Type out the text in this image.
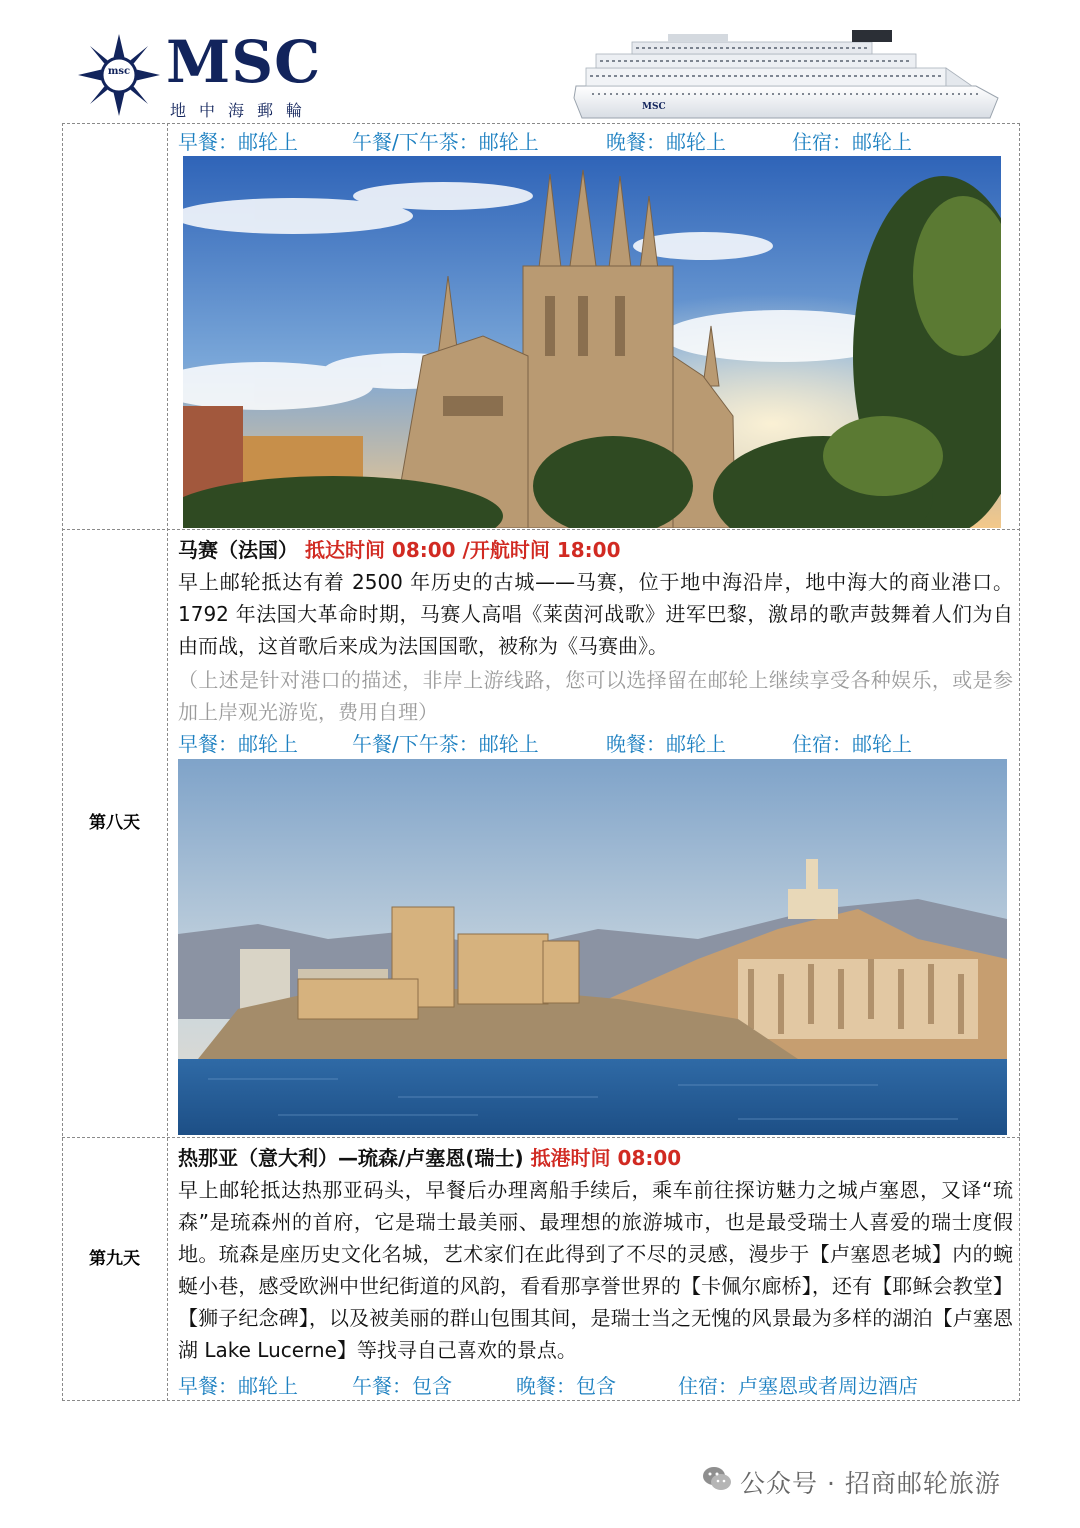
msc MSC
地中海郵輪	MSC
早餐：邮轮上	午餐/下午茶：邮轮上	晚餐：邮轮上	住宿：邮轮上
第八天
马赛（法国） 抵达时间 08:00 /开航时间 18:00
早上邮轮抵达有着 2500 年历史的古城——马赛，位于地中海沿岸，地中海大的商业港口。1792 年法国大革命时期，马赛人高唱《莱茵河战歌》进军巴黎，激昂的歌声鼓舞着人们为自由而战，这首歌后来成为法国国歌，被称为《马赛曲》。
（上述是针对港口的描述，非岸上游线路，您可以选择留在邮轮上继续享受各种娱乐，或是参加上岸观光游览，费用自理）
早餐：邮轮上	午餐/下午茶：邮轮上	晚餐：邮轮上	住宿：邮轮上
第九天
热那亚（意大利）—琉森/卢塞恩(瑞士) 抵港时间 08:00
早上邮轮抵达热那亚码头，早餐后办理离船手续后，乘车前往探访魅力之城卢塞恩，又译“琉森”是琉森州的首府，它是瑞士最美丽、最理想的旅游城市，也是最受瑞士人喜爱的瑞士度假地。琉森是座历史文化名城，艺术家们在此得到了不尽的灵感，漫步于【卢塞恩老城】内的蜿蜒小巷，感受欧洲中世纪街道的风韵，看看那享誉世界的【卡佩尔廊桥】，还有【耶稣会教堂】【狮子纪念碑】，以及被美丽的群山包围其间，是瑞士当之无愧的风景最为多样的湖泊【卢塞恩湖 Lake Lucerne】等找寻自己喜欢的景点。
早餐：邮轮上	午餐：包含	晚餐：包含	住宿：卢塞恩或者周边酒店
公众号 · 招商邮轮旅游
